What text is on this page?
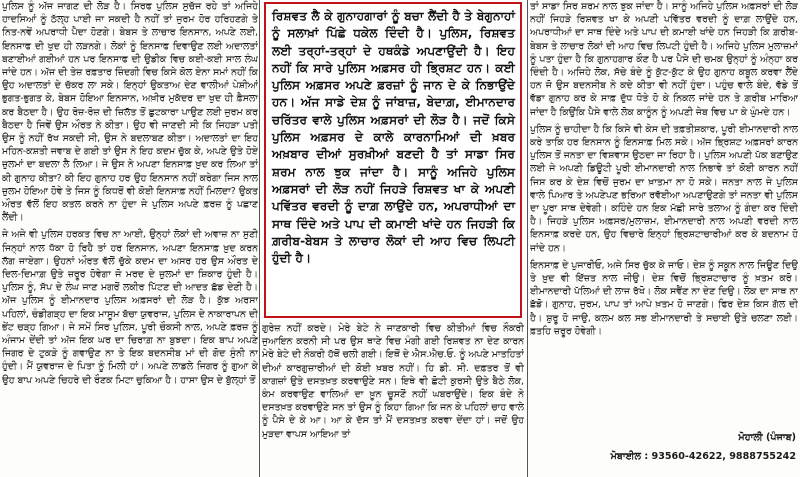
ਪੁਲਿਸ ਨੂੰ ਅੱਜ ਜਾਗਣ ਦੀ ਲੋੜ ਹੈ। ਸਿਰਫ ਪੁਲਿਸ ਸੁਚੱਜ ਰਹੇ ਤਾਂ ਅਜਿਹੇ ਹਾਦਸਿਆਂ ਨੂੰ ਠੱਲ੍ਹ ਪਾਈ ਜਾ ਸਕਦੀ ਹੈ ਨਹੀਂ ਤਾਂ ਜੁਰਮ ਹੋਰ ਹਰਿਹਣਗੇ ਤੇ ਨਿਤ-ਨਵੇਂ ਅਪਰਾਧੀ ਪੈਦਾ ਹੋਣਗੇ। ਬੇਬਸ ਤੇ ਲਾਚਾਰ ਇਨਸਾਨ, ਅਪਣੇ ਲਈ, ਇਨਸਾਫ ਦੀ ਖੁਦ ਹੀ ਲੜਨਗੇ। ਲੋਕਾਂ ਨੂੰ ਇਨਸਾਫ ਦਿਵਾਉਣ ਲਈ ਅਦਾਲਤਾਂ ਬਣਾਈਆਂ ਗਈਆਂ ਹਨ ਪਰ ਇਨਸਾਫ ਦੀ ਉਡੀਕ ਵਿਚ ਕਈ-ਕਈ ਸਾਲ ਲੰਘ ਜਾਂਦੇ ਹਨ। ਅੱਜ ਦੀ ਤੇਜ਼ ਰਫ਼ਤਾਰ ਜ਼ਿੰਦਗੀ ਵਿਚ ਕਿਸੇ ਕੋਲ ਏਨਾ ਸਮਾਂ ਨਹੀਂ ਕਿ ਉਹ ਅਦਾਲਤਾਂ ਦੇ ਚੱਕਰ ਲਾ ਸਕੇ। ਇਨ੍ਹਾਂ ਉਕਤਾਅ ਦੇਣ ਵਾਲੀਆਂ ਪੇਸ਼ੀਆਂ ਭੁਗਤ-ਭੁਗਤ ਕੇ, ਬੇਬਸ ਹੋਇਆ ਇਨਸਾਨ, ਅਖ਼ੀਰ ਮੁਕੱਦਰ ਦਾ ਖੁਦ ਹੀ ਫ਼ੈਸਲਾ ਕਰ ਬੈਠਦਾ ਹੈ। ਉਹ ਰੋਜ਼-ਰੋਜ਼ ਦੀ ਜ਼ਿਲੱਤ ਤੋਂ ਛੁਟਕਾਰਾ ਪਾਉਣ ਲਈ ਜੁਰਮ ਕਰ ਬੈਠਦਾ ਹੈ ਜਿਵੇਂ ਉਸ ਔਰਤ ਨੇ ਕੀਤਾ। ਉਹ ਵੀ ਜਾਣਦੀ ਸੀ ਕਿ ਜਿਹੜਾ ਪਤੀ ਉਸ ਨੂੰ ਨਹੀਂ ਰੱਖ ਸਕਦੀ ਸੀ, ਉਸ ਨੇ ਬਦਲਾਬਣ ਕੀਤਾ। ਅਦਾਲਤਾਂ ਦਾ ਇਹ ਮਹਿਨ-ਕਸ਼ਤੀ ਜਵਾਬ ਦੇ ਗਈ ਤਾਂ ਉਸ ਨੇ ਇਹ ਕਦਮ ਚੁੱਕ ਕੇ, ਅਪਣੇ ਉਤੇ ਹੋਏ ਜ਼ੁਲਮਾਂ ਦਾ ਬਦਲਾ ਲੈ ਲਿਆ। ਜੇ ਉਸ ਨੇ ਅਪਣਾ ਇਨਸਾਫ਼ ਖ਼ੁਦ ਕਰ ਲਿਆ ਤਾਂ ਕੀ ਗੁਨਾਹ ਕੀਤਾ? ਕੀ ਇਹ ਗੁਨਾਹ ਹਰ ਉਹ ਇਨਸਾਨ ਨਹੀਂ ਕਰੇਗਾ ਜਿਸ ਨਾਲ ਜ਼ੁਲਮ ਹੋਇਆ ਹੋਵੇ ਤੇ ਜਿਸ ਨੂੰ ਕਿਧਰੋਂ ਵੀ ਕੋਈ ਇਨਸਾਫ਼ ਨਹੀਂ ਮਿਲਦਾ? ਉਕਤ ਔਰਤ ਵੱਲੋਂ ਇਹ ਕਤਲ ਕਰਨੇ ਨਾ ਹੁੰਦਾ ਜੇ ਪੁਲਿਸ ਅਪਣੇ ਫ਼ਰਜ਼ ਨੂੰ ਪਛਾਣ ਲੈਂਦੀ।

ਜੇ ਅਜੇ ਵੀ ਪੁਲਿਸ ਹਰਕਤ ਵਿਚ ਨਾ ਆਈ, ਉਨ੍ਹਾਂ ਲੋਕਾਂ ਦੀ ਅਵਾਜ਼ ਨਾ ਸੁਣੀ ਜਿਨ੍ਹਾਂ ਨਾਲ ਧੱਕਾ ਹੋ ਰਿਹੈ ਤਾਂ ਹਰ ਇਨਸਾਨ, ਅਪਣਾ ਇਨਸਾਫ਼ ਖ਼ੁਦ ਕਰਨ ਲੱਗ ਜਾਏਗਾ। ਉਹਨਾਂ ਔਰਤ ਵੱਲੋਂ ਚੁੱਕੇ ਕਦਮ ਦਾ ਅਸਰ ਹਰ ਉਸ ਔਰਤ ਦੇ ਦਿਲ-ਦਿਮਾਗ਼ ਉਤੇ ਜ਼ਰੂਰ ਹੋਵੇਗਾ ਜੋ ਮਰਦ ਦੇ ਜ਼ੁਲਮਾਂ ਦਾ ਸ਼ਿਕਾਰ ਹੁੰਦੀ ਹੈ। ਪੁਲਿਸ ਨੂੰ, ਸੱਪ ਦੇ ਲੰਘ ਜਾਣ ਮਗਰੋਂ ਲਕੀਰ ਪਿੱਟਣ ਦੀ ਆਦਤ ਛੱਡ ਦੇਣੀ ਹੈ। ਅੱਜ ਪੁਲਿਸ ਨੂੰ ਈਮਾਨਦਾਰ ਪੁਲਿਸ ਅਫ਼ਸਰਾਂ ਦੀ ਲੋੜ ਹੈ। ਕੁੱਝ ਅਰਸਾ ਪਹਿਲਾਂ, ਚੰਡੀਗੜ੍ਹ ਦਾ ਇਕ ਮਾਸੂਮ ਬੱਚਾ ਯੁਵਰਾਜ, ਪੁਲਿਸ ਦੇ ਨਾਕਾਰਾਪਨ ਦੀ ਭੇਂਟ ਚੜ੍ਹ ਗਿਆ। ਜੇ ਸਮੇਂ ਸਿਰ ਪੁਲਿਸ, ਪੂਰੀ ਚੌਕਸੀ ਨਾਲ, ਅਪਣੇ ਫ਼ਰਜ਼ ਨੂੰ ਅੰਜਾਮ ਦੇਂਦੀ ਤਾਂ ਅੱਜ ਇਕ ਘਰ ਦਾ ਚਿਰਾਗ਼ ਨਾ ਬੁਝਦਾ। ਇਕ ਬਾਪ ਅਪਣੇ ਜਿਗਰ ਦੇ ਟੁਕੜੇ ਨੂੰ ਗਵਾਉਣ ਨਾ ਤੇ ਇਕ ਬਦਨਸੀਬ ਮਾਂ ਦੀ ਗੋਦ ਸੁੰਨੀ ਨਾ ਹੁੰਦੀ। ਮੈਂ ਯੁਵਰਾਜ ਦੇ ਪਿਤਾ ਨੂੰ ਮਿਲੀ ਹਾਂ। ਅਪਣੇ ਲਾਡਲੇ ਜਿਗਰ ਨੂੰ ਗੁਆ ਕੇ ਉਹ ਬਾਪ ਅਪਣੇ ਚਿਹਰੇ ਦੀ ਰੌਣਕ ਮਿਟਾ ਚੁਕਿਆ ਹੈ। ਹਾਸਾ ਉਸ ਦੇ ਬੁੱਲ੍ਹਾਂ ਤੋਂ

ਰਿਸ਼ਵਤ ਲੈ ਕੇ ਗੁਨਾਹਗਾਰਾਂ ਨੂੰ ਬਚਾ ਲੈਂਦੀ ਹੈ ਤੇ ਬੇਗੁਨਾਹਾਂ ਨੂੰ ਸਲਾਖ਼ਾਂ ਪਿੱਛੇ ਧਕੇਲ ਦਿੰਦੀ ਹੈ। ਪੁਲਿਸ, ਰਿਸ਼ਵਤ ਲਈ ਤਰ੍ਹਾਂ-ਤਰ੍ਹਾਂ ਦੇ ਹਥਕੰਡੇ ਅਪਣਾਉਂਦੀ ਹੈ। ਇਹ ਨਹੀਂ ਕਿ ਸਾਰੇ ਪੁਲਿਸ ਅਫ਼ਸਰ ਹੀ ਭ੍ਰਿਸ਼ਟ ਹਨ। ਕਈ ਪੁਲਿਸ ਅਫ਼ਸਰ ਅਪਣੇ ਫ਼ਰਜ਼ਾਂ ਨੂੰ ਜਾਨ ਦੇ ਕੇ ਨਿਭਾਉਂਦੇ ਹਨ। ਅੱਜ ਸਾਡੇ ਦੇਸ਼ ਨੂੰ ਜਾਂਬਾਜ਼, ਬੇਦਾਗ਼, ਈਮਾਨਦਾਰ ਚਰਿੱਤਰ ਵਾਲੇ ਪੁਲਿਸ ਅਫ਼ਸਰਾਂ ਦੀ ਲੋੜ ਹੈ। ਜਦੋਂ ਕਿਸੇ ਪੁਲਿਸ ਅਫ਼ਸਰ ਦੇ ਕਾਲੇ ਕਾਰਨਾਮਿਆਂ ਦੀ ਖ਼ਬਰ ਅਖ਼ਬਾਰ ਦੀਆਂ ਸੁਰਖ਼ੀਆਂ ਬਣਦੀ ਹੈ ਤਾਂ ਸਾਡਾ ਸਿਰ ਸ਼ਰਮ ਨਾਲ ਝੁਕ ਜਾਂਦਾ ਹੈ। ਸਾਨੂੰ ਅਜਿਹੇ ਪੁਲਿਸ ਅਫ਼ਸਰਾਂ ਦੀ ਲੋੜ ਨਹੀਂ ਜਿਹੜੇ ਰਿਸ਼ਵਤ ਖਾ ਕੇ ਅਪਣੀ ਪਵਿੱਤਰ ਵਰਦੀ ਨੂੰ ਦਾਗ਼ ਲਾਉਂਦੇ ਹਨ, ਅਪਰਾਧੀਆਂ ਦਾ ਸਾਥ ਦਿੰਦੇ ਅਤੇ ਪਾਪ ਦੀ ਕਮਾਈ ਖਾਂਦੇ ਹਨ ਜਿਹੜੀ ਕਿ ਗ਼ਰੀਬ-ਬੇਬਸ ਤੇ ਲਾਚਾਰ ਲੋਕਾਂ ਦੀ ਆਹ ਵਿਚ ਲਿਪਟੀ ਹੁੰਦੀ ਹੈ।

ਗੁਰੇਜ਼ ਨਹੀਂ ਕਰਦੇ। ਮੇਰੇ ਬੇਟੇ ਨੇ ਜਾਣਕਾਰੀ ਵਿਚ ਕੀਤੀਆਂ ਵਿਚ ਨੌਕਰੀ ਜੁਆਇਨ ਕਰਨੀ ਸੀ ਪਰ ਉਸ ਥਾਣੇ ਵਿਚ ਮੰਗੀ ਗਈ ਰਿਸ਼ਵਤ ਨਾ ਦੇਣ ਕਾਰਨ ਮੇਰੇ ਬੇਟੇ ਦੀ ਨੌਕਰੀ ਹੱਥੋਂ ਚਲੀ ਗਈ। ਇਥੋਂ ਦੇ ਐਸ.ਐਚ.ਓ. ਨੂੰ ਅਪਣੇ ਮਾਤਹਿਤਾਂ ਦੀਆਂ ਕਾਰਗੁਜ਼ਾਰੀਆਂ ਦੀ ਕੋਈ ਖ਼ਬਰ ਨਹੀਂ। ਹਿ ਡੀ. ਸੀ. ਦਫ਼ਤਰ ਤੋਂ ਵੀ ਕਾਗਜ਼ਾਂ ਉਤੇ ਦਸਤਖ਼ਤ ਕਰਵਾਉਣੇ ਸਨ। ਇਥੇ ਵੀ ਛੋਟੀ ਕੁਰਸੀ ਉਤੇ ਬੈਠੇ ਲੋਕ, ਕੰਮ ਕਰਵਾਉਣ ਵਾਲਿਆਂ ਦਾ ਖ਼ੂਨ ਚੂਸਣੋਂ ਨਹੀਂ ਘਬਰਾਉਂਦੇ। ਇਕ ਬੰਦੇ ਨੇ ਦਸਤਖ਼ਤ ਕਰਵਾਉਣੇ ਸਨ ਤਾਂ ਉਸ ਨੂੰ ਕਿਹਾ ਗਿਆ ਕਿ ਜਨ ਕੇ ਪਹਿਲਾਂ ਚਾਹ ਵਾਲੇ ਨੂੰ ਪੈਸੇ ਦੇ ਕੇ ਆ। ਆ ਕੇ ਦੱਸ ਤਾਂ ਮੈਂ ਦਸਤਖ਼ਤ ਕਰਵਾ ਦੇਂਦਾ ਹਾਂ। ਜਦੋਂ ਉਹ ਮੁੜਦਾ ਵਾਪਸ ਆਇਆ ਤਾਂ

ਤਾਂ ਸਾਡਾ ਸਿਰ ਸ਼ਰਮ ਨਾਲ ਝੁਕ ਜਾਂਦਾ ਹੈ। ਸਾਨੂੰ ਅਜਿਹੇ ਪੁਲਿਸ ਅਫ਼ਸਰਾਂ ਦੀ ਲੋੜ ਨਹੀਂ ਜਿਹੜੇ ਰਿਸ਼ਵਤ ਖਾ ਕੇ ਅਪਣੀ ਪਵਿੱਤਰ ਵਰਦੀ ਨੂੰ ਦਾਗ਼ ਲਾਉਂਦੇ ਹਨ, ਅਪਰਾਧੀਆਂ ਦਾ ਸਾਥ ਦਿੰਦੇ ਅਤੇ ਪਾਪ ਦੀ ਕਮਾਈ ਖਾਂਦੇ ਹਨ ਜਿਹੜੀ ਕਿ ਗ਼ਰੀਬ-ਬੇਬਸ ਤੇ ਲਾਚਾਰ ਲੋਕਾਂ ਦੀ ਆਹ ਵਿਚ ਲਿਪਟੀ ਹੁੰਦੀ ਹੈ। ਅਜਿਹੇ ਪੁਲਿਸ ਮੁਲਾਜ਼ਮਾਂ ਨੂੰ ਪਤਾ ਹੁੰਦਾ ਹੈ ਕਿ ਗੁਨਾਹਗਾਰ ਕੌਣ ਹੈ ਪਰ ਪੈਸੇ ਦੀ ਚਮਕ ਉਨ੍ਹਾਂ ਨੂੰ ਅੰਨ੍ਹਾ ਕਰ ਦਿੰਦੀ ਹੈ। ਅਜਿਹੇ ਲੋਕ, ਸੱਚੇ ਬੰਦੇ ਨੂੰ ਕੁੱਟ-ਕੁੱਟ ਕੇ ਉਹ ਗੁਨਾਹ ਕਬੂਲ ਕਰਵਾ ਲੈਂਦੇ ਹਨ ਜੋ ਉਸ ਬਦਨਸੀਬ ਨੇ ਕਦੇ ਕੀਤਾ ਵੀ ਨਹੀਂ ਹੁੰਦਾ। ਪਹੁੰਚ ਵਾਲੇ ਬੰਦੇ, ਵੱਡੇ ਤੋਂ ਵੱਡਾ ਗੁਨਾਹ ਕਰ ਕੇ ਸਾਫ਼ ਦੁੱਧ ਧੋਤੇ ਹੋ ਕੇ ਨਿਕਲ ਜਾਂਦੇ ਹਨ ਤੇ ਗ਼ਰੀਬ ਮਾਰਿਆ ਜਾਂਦਾ ਹੈ ਕਿਉਂਕਿ ਪੈਸੇ ਵਾਲੇ ਲੋਕ ਕਾਨੂੰਨ ਨੂੰ ਅਪਣੀ ਜੇਬ ਵਿਚ ਪਾ ਕੇ ਘੁੰਮਦੇ ਹਨ।

ਪੁਲਿਸ ਨੂੰ ਚਾਹੀਦਾ ਹੈ ਕਿ ਕਿਸੇ ਵੀ ਕੇਸ ਦੀ ਤਫ਼ਤੀਸ਼ਕਾਰ, ਪੂਰੀ ਈਮਾਨਦਾਰੀ ਨਾਲ ਕਰੇ ਤਾਕਿ ਹਰ ਇਨਸਾਨ ਨੂੰ ਇਨਸਾਫ਼ ਮਿਲ ਸਕੇ। ਅੱਜ ਭ੍ਰਿਸ਼ਟ ਅਫ਼ਸਰਾਂ ਕਾਰਨ ਪੁਲਿਸ ਤੋਂ ਜਨਤਾ ਦਾ ਵਿਸ਼ਵਾਸ ਉਠਦਾ ਜਾ ਰਿਹਾ ਹੈ। ਪੁਲਿਸ ਅਪਣੀ ਪੱਕ ਬਣਾਉਣ ਲਈ ਜੇ ਅਪਣੀ ਡਿਊਟੀ ਪੂਰੀ ਈਮਾਨਦਾਰੀ ਨਾਲ ਨਿਭਾਵੇ ਤਾਂ ਕੋਈ ਕਾਰਨ ਨਹੀਂ ਜਿਸ ਕਰ ਕੇ ਦੇਸ਼ ਵਿਚੋਂ ਜੁਰਮ ਦਾ ਖ਼ਾਤਮਾ ਨਾ ਹੋ ਸਕੇ। ਜਨਤਾ ਨਾਲ ਜੇ ਪੁਲਿਸ ਵਾਲੇ ਪਿਆਰ ਤੇ ਅਪਣੇਪਣ ਭਰਿਆ ਰਵੱਈਆ ਅਪਣਾਉਣਗੇ ਤਾਂ ਜਨਤਾ ਵੀ ਪੁਲਿਸ ਦਾ ਪੂਰਾ ਸਾਥ ਦੇਵੇਗੀ। ਕਹਿੰਦੇ ਹਨ ਇਕ ਮੱਛੀ ਸਾਰੇ ਤਲਾਅ ਨੂੰ ਗੰਦਾ ਕਰ ਦਿੰਦੀ ਹੈ। ਜਿਹੜੇ ਪੁਲਿਸ ਅਫ਼ਸਰ/ਮੁਲਾਜ਼ਮ, ਈਮਾਨਦਾਰੀ ਨਾਲ ਅਪਣੀ ਵਰਦੀ ਨਾਲ ਇਨਸਾਫ਼ ਕਰਦੇ ਹਨ, ਉਹ ਵਿਚਾਰੇ ਇਨ੍ਹਾਂ ਭ੍ਰਿਸ਼ਟਾਚਾਰੀਆਂ ਕਰ ਕੇ ਬਦਨਾਮ ਹੋ ਜਾਂਦੇ ਹਨ।

ਇਨਸਾਫ਼ ਦੇ ਪੁਜਾਰੀਓ, ਅਜੇ ਸਿਰ ਚੁੱਕ ਕੇ ਜਾਓ। ਦੇਸ਼ ਨੂੰ ਸਕੂਨ ਨਾਲ ਜਿਊਣ ਦਿਉ ਤੇ ਖ਼ੁਦ ਵੀ ਇੱਜ਼ਤ ਨਾਲ ਜੀਉ। ਦੇਸ਼ ਵਿਚੋਂ ਭ੍ਰਿਸ਼ਟਾਚਾਰ ਨੂੰ ਖ਼ਤਮ ਕਰੋ। ਈਮਾਨਦਾਰੀ ਪੱਲਿਆਂ ਦੀ ਲਾਜ ਰੱਖੋ। ਲੋਕ ਸਵੈਂਣ ਨਾ ਦੇਣ ਦਿਉ। ਲੋਕ ਦਾ ਸਾਥ ਨਾ ਛੱਡੋ। ਗੁਨਾਹ, ਜੁਰਮ, ਪਾਪ ਤਾਂ ਆਪੇ ਖ਼ਤਮ ਹੋ ਜਾਣਗੇ। ਫਿਰ ਦੇਸ਼ ਕਿਸ ਗੱਲ ਦੀ ਹੈ। ਸ਼ੁਰੂ ਹੋ ਜਾਉ, ਕਲਮ ਕਲ ਸਭ ਈਮਾਨਦਾਰੀ ਤੇ ਸਚਾਈ ਉਤੇ ਚਲਣਾ ਲਈ। ਫ਼ਤਹਿ ਜ਼ਰੂਰ ਹੋਵੇਗੀ।

ਮੋਹਾਲੀ (ਪੰਜਾਬ)
ਮੋਬਾਈਲ : 93560-42622, 9888755242
